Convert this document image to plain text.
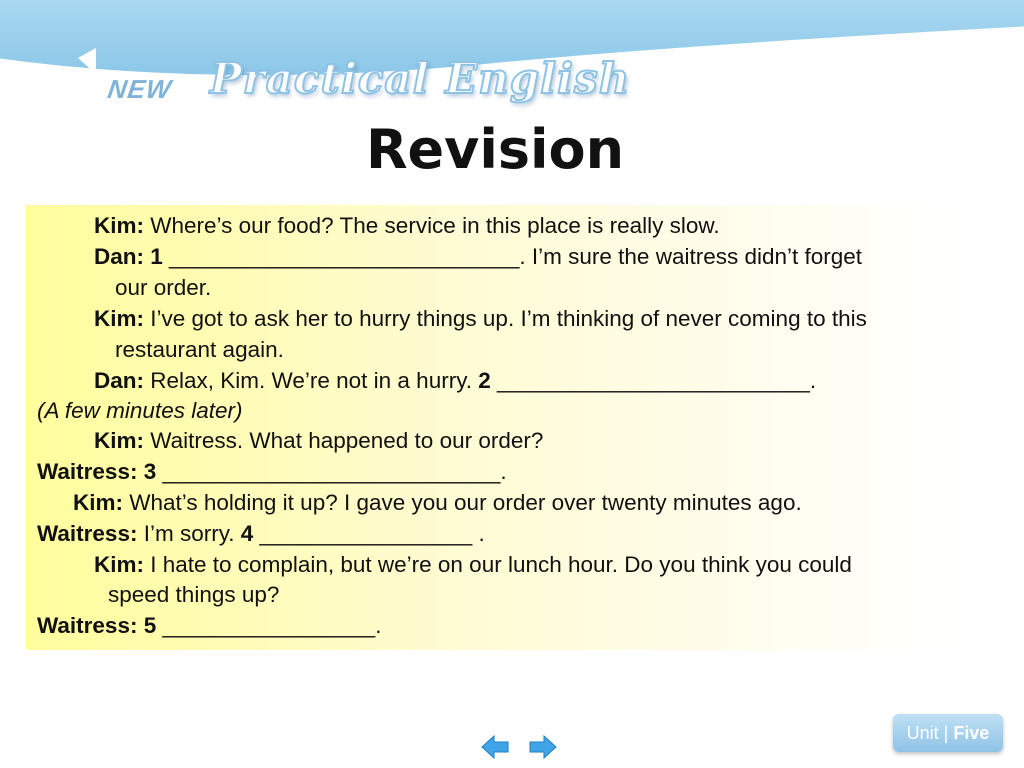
NEW Practical English
Revision
Kim: Where’s our food? The service in this place is really slow.
Dan: 1 ____________________________. I’m sure the waitress didn’t forget
our order.
Kim: I’ve got to ask her to hurry things up. I’m thinking of never coming to this
restaurant again.
Dan: Relax, Kim. We’re not in a hurry. 2 _________________________.
(A few minutes later)
Kim: Waitress. What happened to our order?
Waitress: 3 ___________________________.
Kim: What’s holding it up? I gave you our order over twenty minutes ago.
Waitress: I’m sorry. 4 _________________ .
Kim: I hate to complain, but we’re on our lunch hour. Do you think you could
speed things up?
Waitress: 5 _________________.
Unit | Five
